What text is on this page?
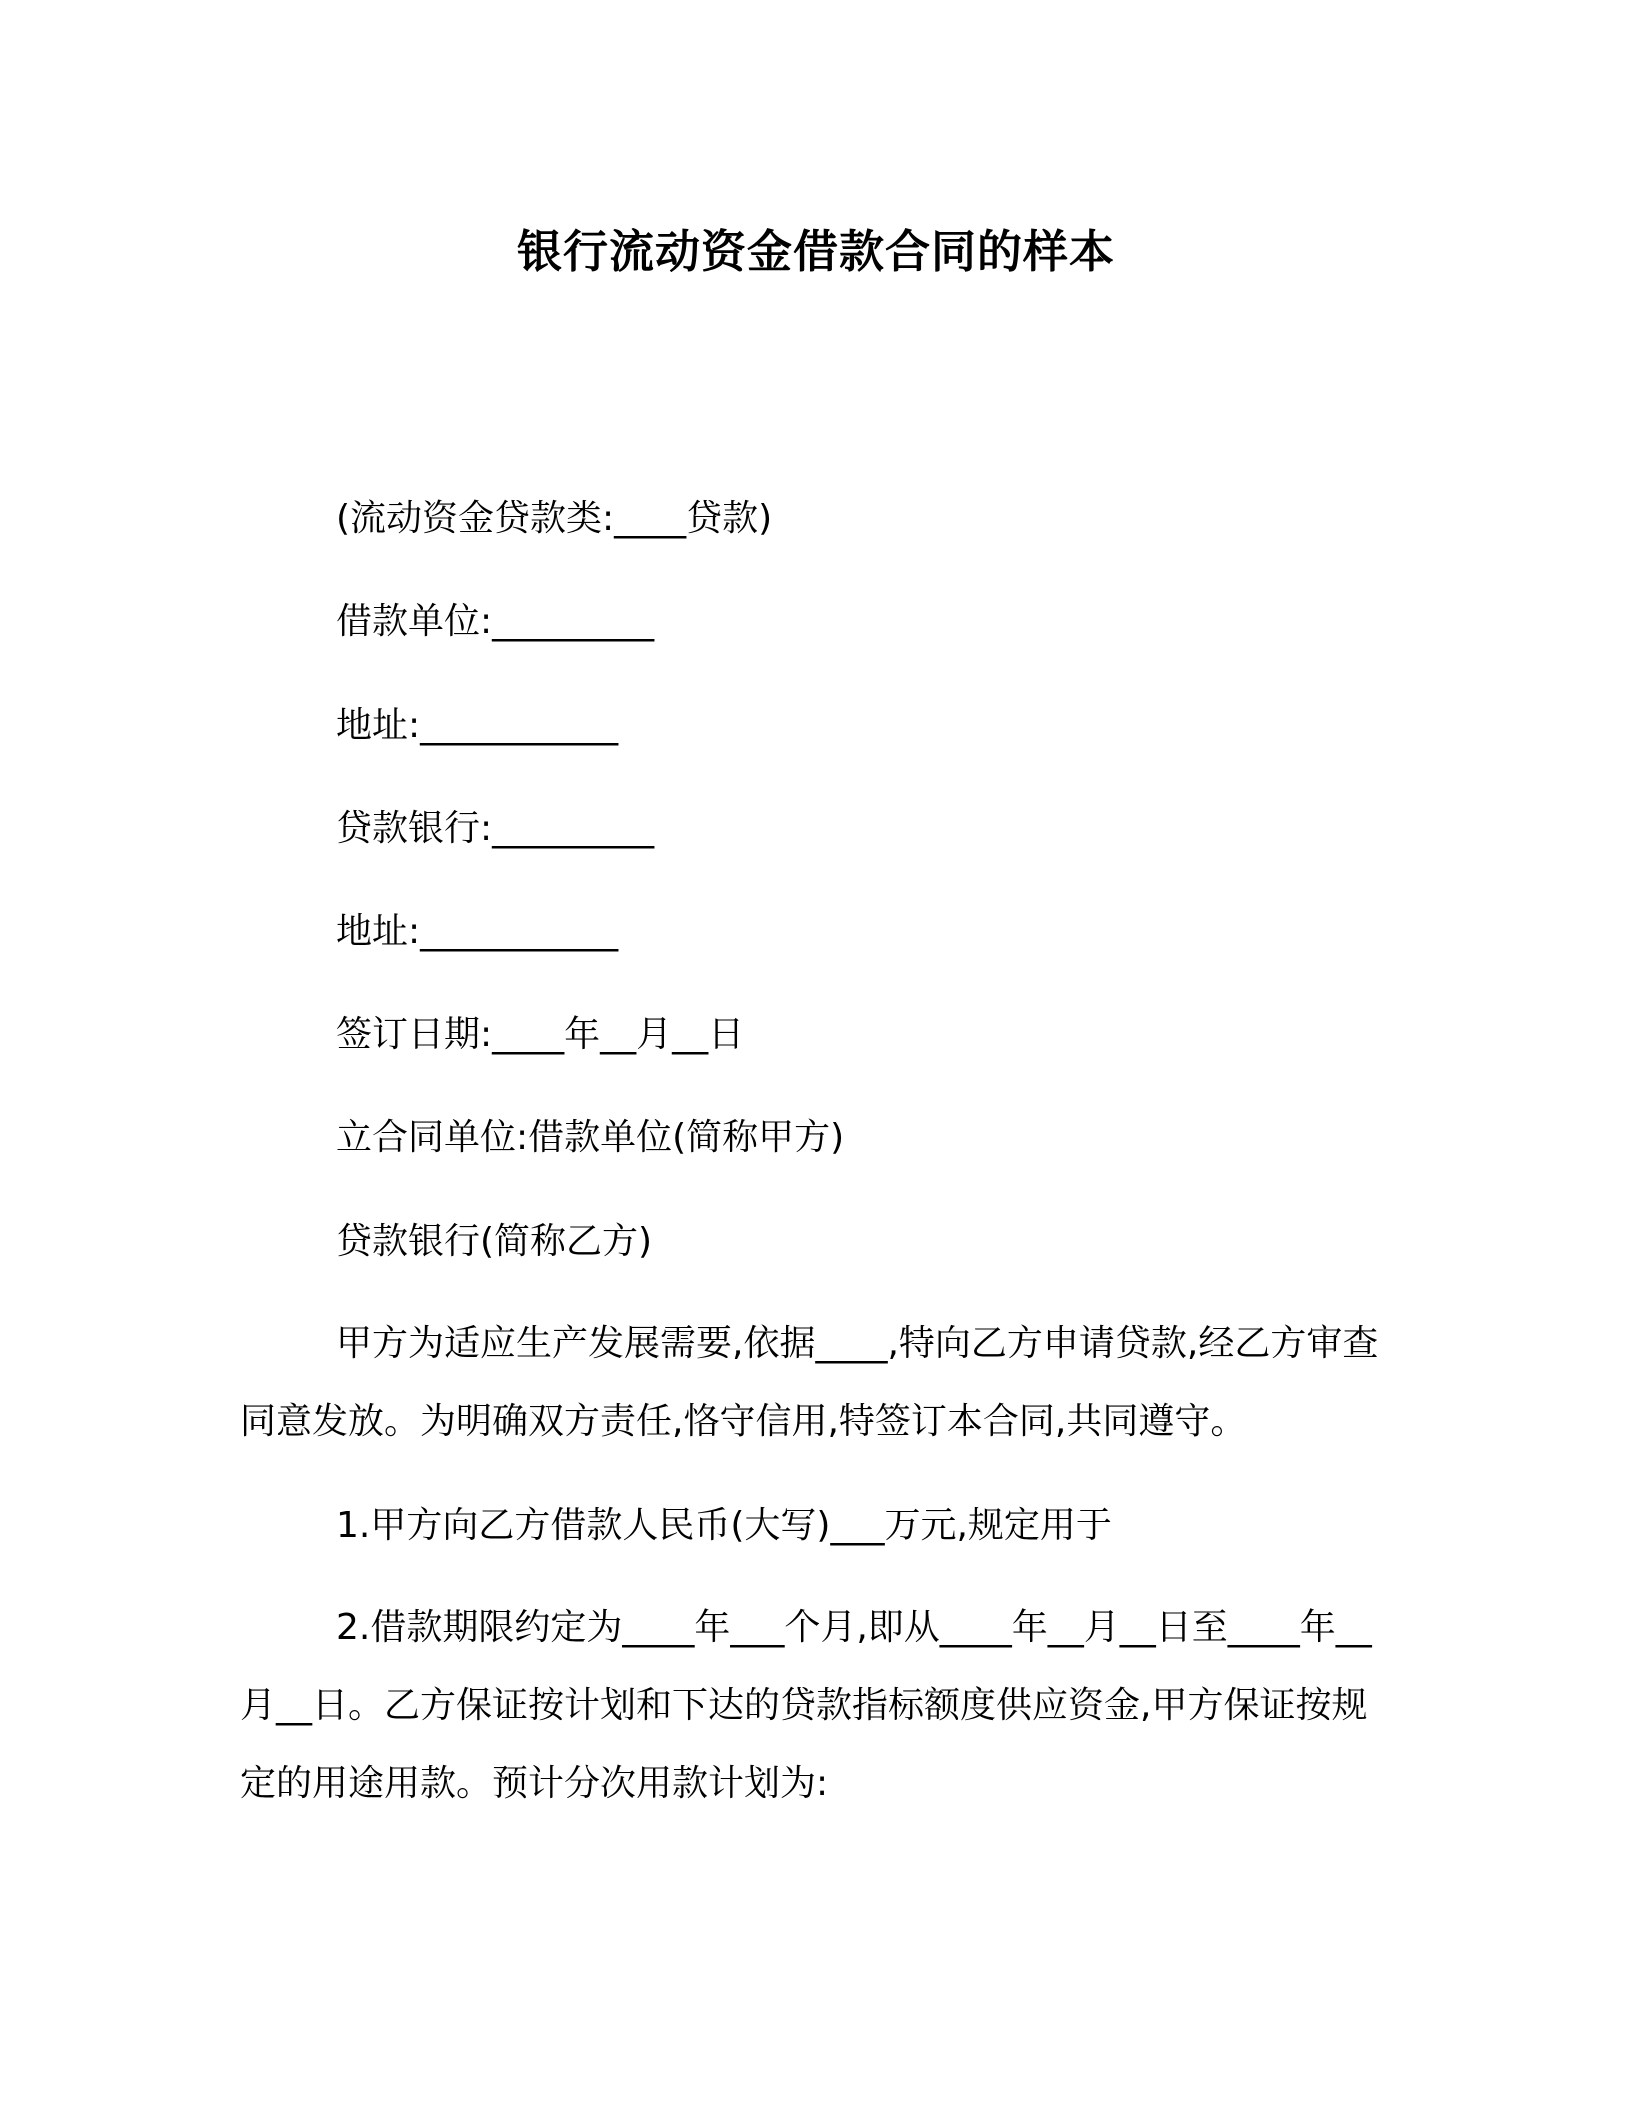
银行流动资金借款合同的样本
(流动资金贷款类:____贷款)
借款单位:_________
地址:___________
贷款银行:_________
地址:___________
签订日期:____年__月__日
立合同单位:借款单位(简称甲方)
贷款银行(简称乙方)
甲方为适应生产发展需要,依据____,特向乙方申请贷款,经乙方审查同意发放。为明确双方责任,恪守信用,特签订本合同,共同遵守。
1.甲方向乙方借款人民币(大写)___万元,规定用于
2.借款期限约定为____年___个月,即从____年__月__日至____年__月__日。乙方保证按计划和下达的贷款指标额度供应资金,甲方保证按规定的用途用款。预计分次用款计划为:
